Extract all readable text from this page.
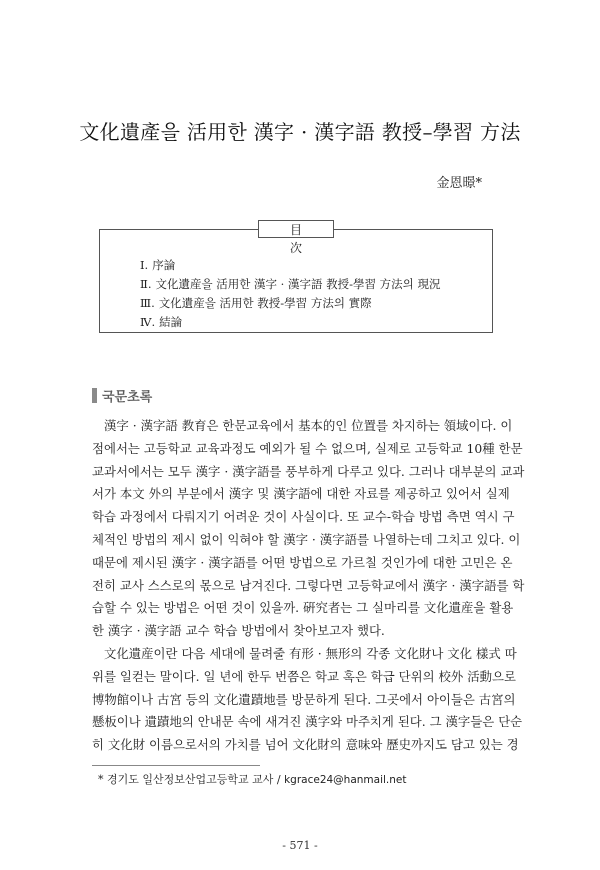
文化遺產을 活用한 漢字 · 漢字語 教授–學習 方法
金恩暻*
目 次
Ⅰ. 序論
Ⅱ. 文化遺産을 活用한 漢字 · 漢字語 教授-學習 方法의 現況
Ⅲ. 文化遺産을 活用한 教授-學習 方法의 實際
Ⅳ. 結論
국문초록
漢字 · 漢字語 教育은 한문교육에서 基本的인 位置를 차지하는 領域이다. 이
점에서는 고등학교 교육과정도 예외가 될 수 없으며, 실제로 고등학교 10種 한문
교과서에서는 모두 漢字 · 漢字語를 풍부하게 다루고 있다. 그러나 대부분의 교과
서가 本文 外의 부분에서 漢字 및 漢字語에 대한 자료를 제공하고 있어서 실제
학습 과정에서 다뤄지기 어려운 것이 사실이다. 또 교수-학습 방법 측면 역시 구
체적인 방법의 제시 없이 익혀야 할 漢字 · 漢字語를 나열하는데 그치고 있다. 이
때문에 제시된 漢字 · 漢字語를 어떤 방법으로 가르칠 것인가에 대한 고민은 온
전히 교사 스스로의 몫으로 남겨진다. 그렇다면 고등학교에서 漢字 · 漢字語를 학
습할 수 있는 방법은 어떤 것이 있을까. 硏究者는 그 실마리를 文化遺産을 활용
한 漢字 · 漢字語 교수 학습 방법에서 찾아보고자 했다.
文化遺産이란 다음 세대에 물려줄 有形 · 無形의 각종 文化財나 文化 樣式 따
위를 일컫는 말이다. 일 년에 한두 번쯤은 학교 혹은 학급 단위의 校外 活動으로
博物館이나 古宮 등의 文化遺蹟地를 방문하게 된다. 그곳에서 아이들은 古宮의
懸板이나 遺蹟地의 안내문 속에 새겨진 漢字와 마주치게 된다. 그 漢字들은 단순
히 文化財 이름으로서의 가치를 넘어 文化財의 意味와 歷史까지도 담고 있는 경
* 경기도 일산정보산업고등학교 교사 / kgrace24@hanmail.net
- 571 -
